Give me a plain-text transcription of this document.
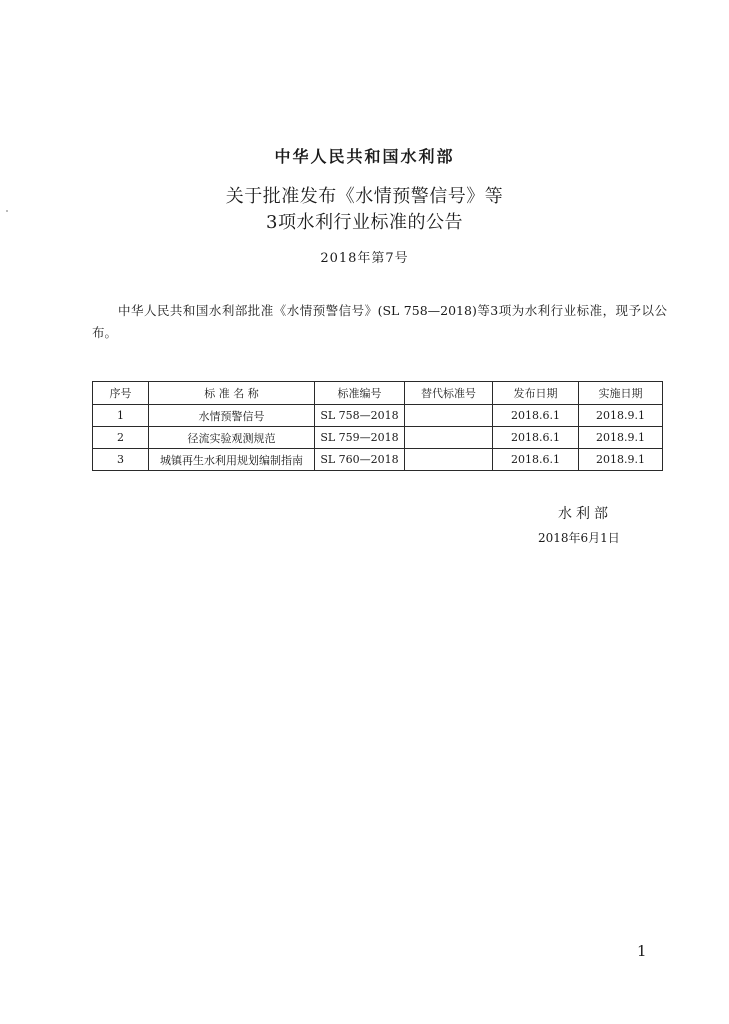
中华人民共和国水利部
关于批准发布《水情预警信号》等
3项水利行业标准的公告
2018年第7号
中华人民共和国水利部批准《水情预警信号》(SL 758—2018)等3项为水利行业标准，现予以公布。
序号	标 准 名 称	标准编号	替代标准号	发布日期	实施日期
1	水情预警信号	SL 758—2018		2018.6.1	2018.9.1
2	径流实验观测规范	SL 759—2018		2018.6.1	2018.9.1
3	城镇再生水利用规划编制指南	SL 760—2018		2018.6.1	2018.9.1
水利部
2018年6月1日
1
